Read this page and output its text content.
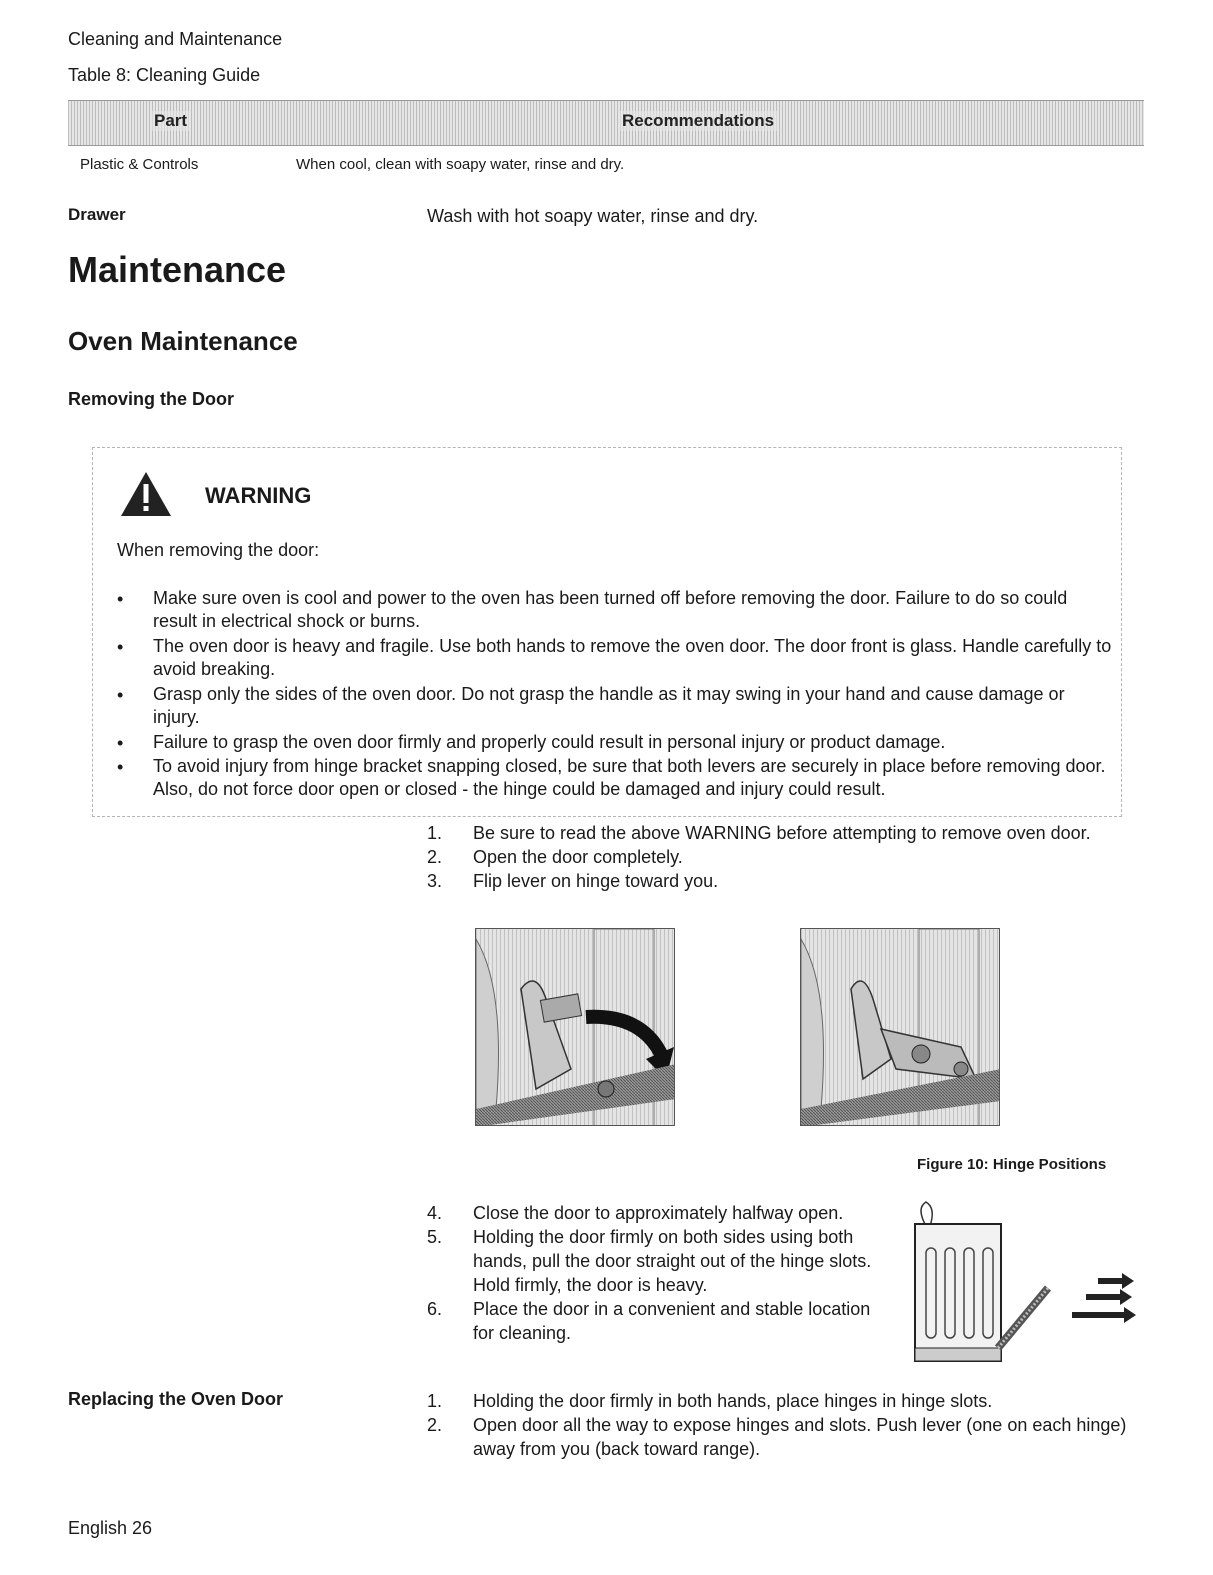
Cleaning and Maintenance
Table 8: Cleaning Guide
Part	Recommendations
Plastic & Controls	When cool, clean with soapy water, rinse and dry.
Drawer	Wash with hot soapy water, rinse and dry.
Maintenance
Oven Maintenance
Removing the Door
WARNING
When removing the door:
• Make sure oven is cool and power to the oven has been turned off before removing the door. Failure to do so could result in electrical shock or burns.
• The oven door is heavy and fragile. Use both hands to remove the oven door. The door front is glass. Handle carefully to avoid breaking.
• Grasp only the sides of the oven door. Do not grasp the handle as it may swing in your hand and cause damage or injury.
• Failure to grasp the oven door firmly and properly could result in personal injury or product damage.
• To avoid injury from hinge bracket snapping closed, be sure that both levers are securely in place before removing door. Also, do not force door open or closed - the hinge could be damaged and injury could result.
1.	Be sure to read the above WARNING before attempting to remove oven door.
2.	Open the door completely.
3.	Flip lever on hinge toward you.
Figure 10: Hinge Positions
4.	Close the door to approximately halfway open.
5.	Holding the door firmly on both sides using both hands, pull the door straight out of the hinge slots. Hold firmly, the door is heavy.
6.	Place the door in a convenient and stable location for cleaning.
Replacing the Oven Door	1.	Holding the door firmly in both hands, place hinges in hinge slots.
2.	Open door all the way to expose hinges and slots. Push lever (one on each hinge) away from you (back toward range).
English 26
